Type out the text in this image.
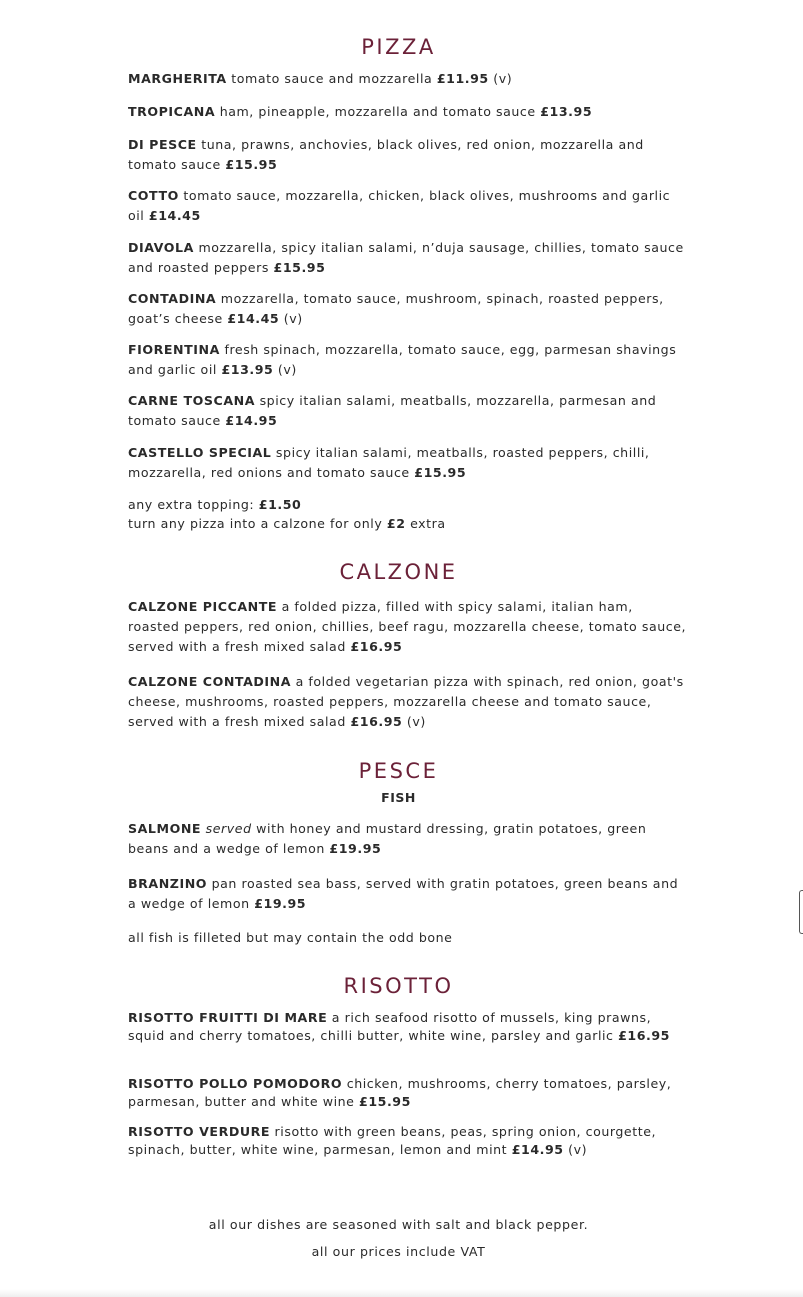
PIZZA

MARGHERITA tomato sauce and mozzarella £11.95 (v)

TROPICANA ham, pineapple, mozzarella and tomato sauce £13.95

DI PESCE tuna, prawns, anchovies, black olives, red onion, mozzarella and tomato sauce £15.95

COTTO tomato sauce, mozzarella, chicken, black olives, mushrooms and garlic oil £14.45

DIAVOLA mozzarella, spicy italian salami, n’duja sausage, chillies, tomato sauce and roasted peppers £15.95

CONTADINA mozzarella, tomato sauce, mushroom, spinach, roasted peppers, goat’s cheese £14.45 (v)

FIORENTINA fresh spinach, mozzarella, tomato sauce, egg, parmesan shavings and garlic oil £13.95 (v)

CARNE TOSCANA spicy italian salami, meatballs, mozzarella, parmesan and tomato sauce £14.95

CASTELLO SPECIAL spicy italian salami, meatballs, roasted peppers, chilli, mozzarella, red onions and tomato sauce £15.95

any extra topping: £1.50

turn any pizza into a calzone for only £2 extra

CALZONE

CALZONE PICCANTE a folded pizza, filled with spicy salami, italian ham, roasted peppers, red onion, chillies, beef ragu, mozzarella cheese, tomato sauce, served with a fresh mixed salad £16.95

CALZONE CONTADINA a folded vegetarian pizza with spinach, red onion, goat's cheese, mushrooms, roasted peppers, mozzarella cheese and tomato sauce, served with a fresh mixed salad £16.95 (v)

PESCE
FISH

SALMONE served with honey and mustard dressing, gratin potatoes, green beans and a wedge of lemon £19.95

BRANZINO pan roasted sea bass, served with gratin potatoes, green beans and a wedge of lemon £19.95

all fish is filleted but may contain the odd bone

RISOTTO

RISOTTO FRUITTI DI MARE a rich seafood risotto of mussels, king prawns, squid and cherry tomatoes, chilli butter, white wine, parsley and garlic £16.95

RISOTTO POLLO POMODORO chicken, mushrooms, cherry tomatoes, parsley, parmesan, butter and white wine £15.95

RISOTTO VERDURE risotto with green beans, peas, spring onion, courgette, spinach, butter, white wine, parmesan, lemon and mint £14.95 (v)

all our dishes are seasoned with salt and black pepper.
all our prices include VAT
